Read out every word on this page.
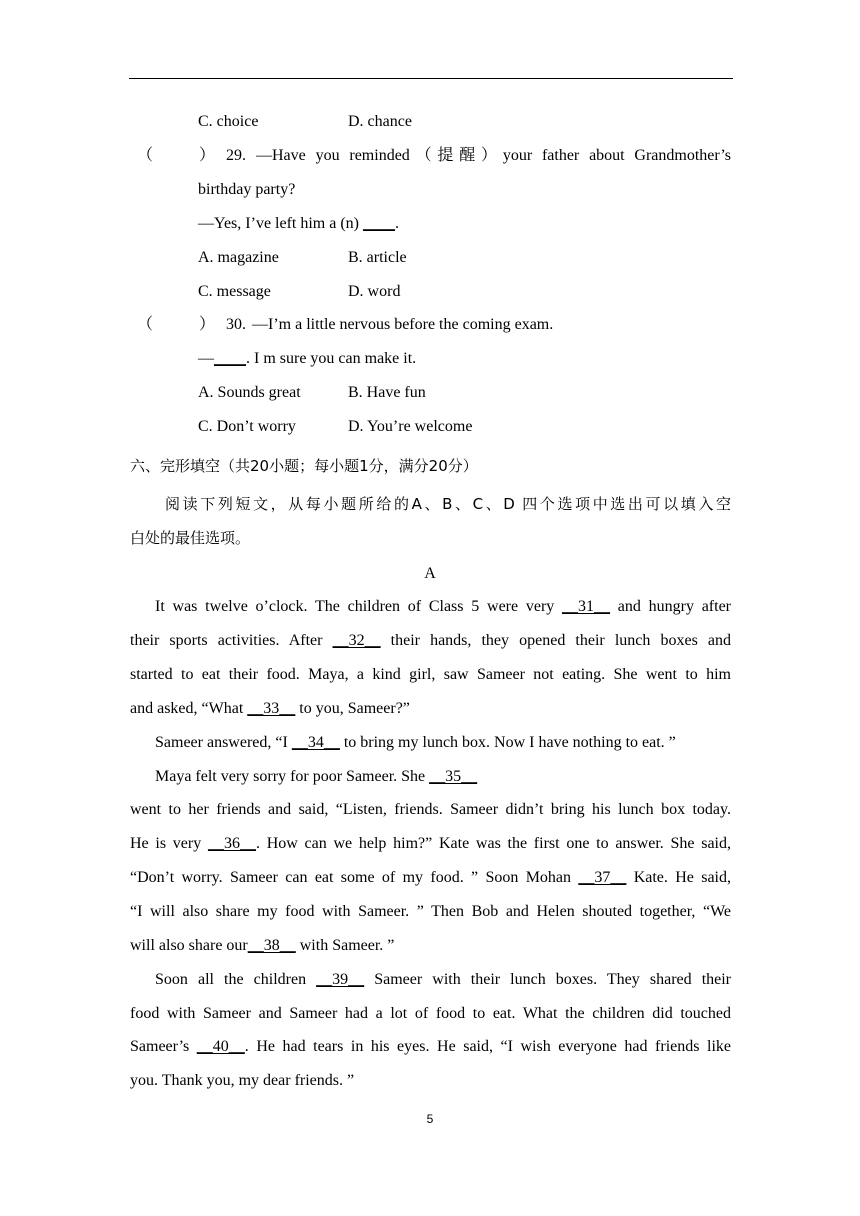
C. choice	D. chance
（	） 29. —Have you reminded（提醒）your father about Grandmother’s
birthday party?
—Yes, I’ve left him a (n) ____.
A. magazine	B. article
C. message	D. word
（	） 30. —I’m a little nervous before the coming exam.
—____. I m sure you can make it.
A. Sounds great	B. Have fun
C. Don’t worry	D. You’re welcome
六、完形填空（共20小题；每小题1分，满分20分）
阅读下列短文，从每小题所给的A、B、C、D 四个选项中选出可以填入空
白处的最佳选项。
A
It was twelve o’clock. The children of Class 5 were very __31__ and hungry after
their sports activities. After __32__ their hands, they opened their lunch boxes and
started to eat their food. Maya, a kind girl, saw Sameer not eating. She went to him
and asked, “What __33__ to you, Sameer?”
Sameer answered, “I __34__ to bring my lunch box. Now I have nothing to eat. ”
Maya felt very sorry for poor Sameer. She __35__
went to her friends and said, “Listen, friends. Sameer didn’t bring his lunch box today.
He is very __36__. How can we help him?” Kate was the first one to answer. She said,
“Don’t worry. Sameer can eat some of my food. ” Soon Mohan __37__ Kate. He said,
“I will also share my food with Sameer. ” Then Bob and Helen shouted together, “We
will also share our__38__ with Sameer. ”
Soon all the children __39__ Sameer with their lunch boxes. They shared their
food with Sameer and Sameer had a lot of food to eat. What the children did touched
Sameer’s __40__. He had tears in his eyes. He said, “I wish everyone had friends like
you. Thank you, my dear friends. ”
5
